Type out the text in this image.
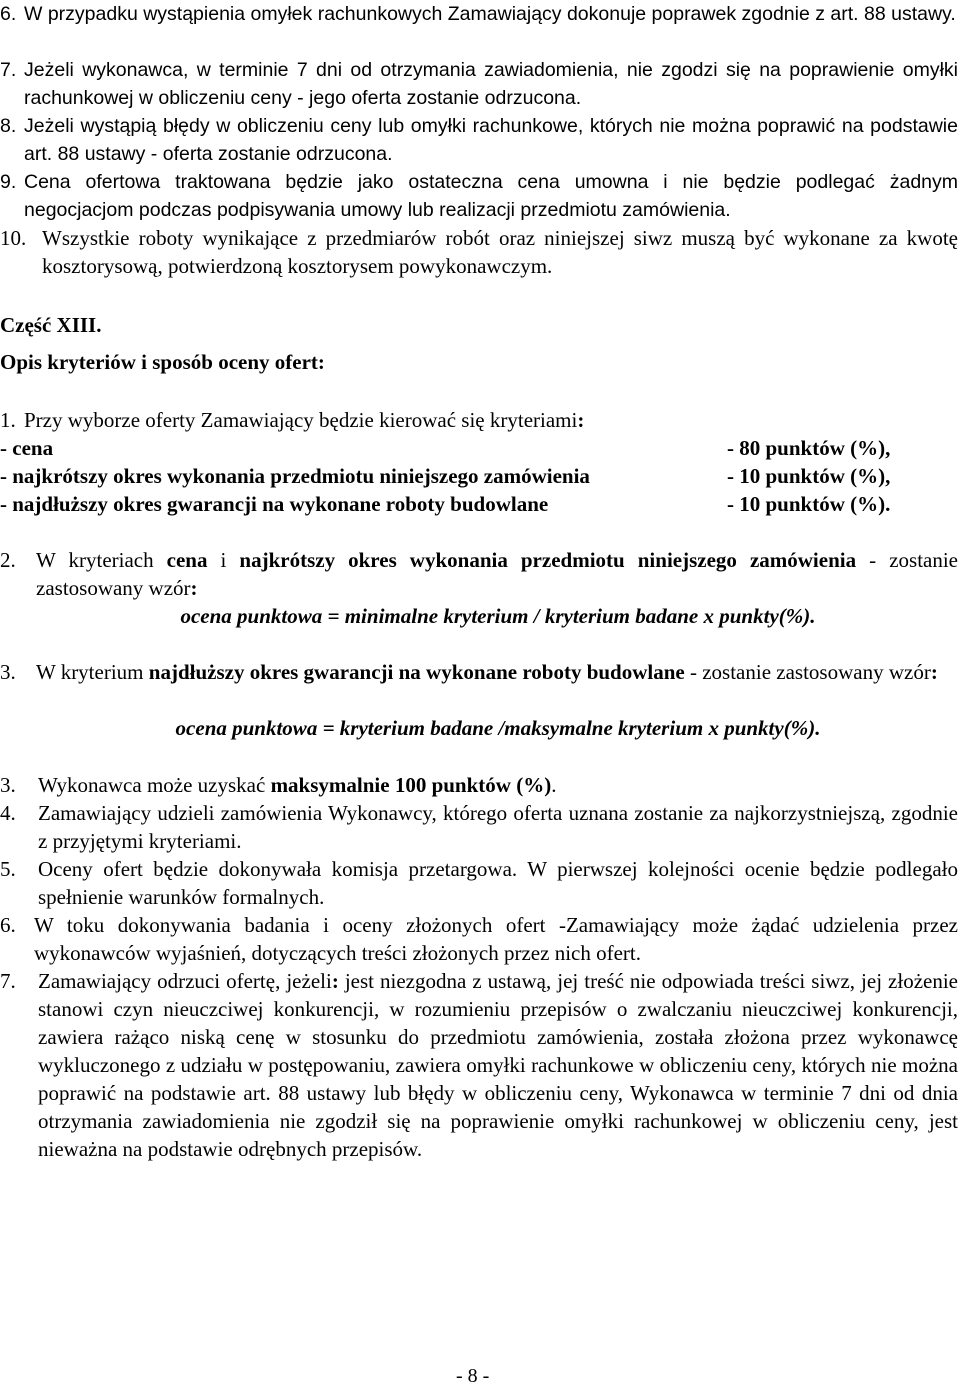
6. W przypadku wystąpienia omyłek rachunkowych Zamawiający dokonuje poprawek zgodnie z art. 88 ustawy.

7. Jeżeli wykonawca, w terminie 7 dni od otrzymania zawiadomienia, nie zgodzi się na poprawienie omyłki rachunkowej w obliczeniu ceny - jego oferta zostanie odrzucona.

8. Jeżeli wystąpią błędy w obliczeniu ceny lub omyłki rachunkowe, których nie można poprawić na podstawie art. 88 ustawy - oferta zostanie odrzucona.

9. Cena ofertowa traktowana będzie jako ostateczna cena umowna i nie będzie podlegać żadnym negocjacjom podczas podpisywania umowy lub realizacji przedmiotu zamówienia.

10. Wszystkie roboty wynikające z przedmiarów robót oraz niniejszej siwz muszą być wykonane za kwotę kosztorysową, potwierdzoną kosztorysem powykonawczym.

Część XIII.

Opis kryteriów i sposób oceny ofert:

1. Przy wyborze oferty Zamawiający będzie kierować się kryteriami:

- cena	- 80 punktów (%),
- najkrótszy okres wykonania przedmiotu niniejszego zamówienia	- 10 punktów (%),
- najdłuższy okres gwarancji na wykonane roboty budowlane	- 10 punktów (%).
2. W kryteriach cena i najkrótszy okres wykonania przedmiotu niniejszego zamówienia - zostanie zastosowany wzór:

ocena punktowa = minimalne kryterium / kryterium badane x punkty(%).

3. W kryterium najdłuższy okres gwarancji na wykonane roboty budowlane - zostanie zastosowany wzór:

ocena punktowa = kryterium badane /maksymalne kryterium x punkty(%).

3.	Wykonawca może uzyskać maksymalnie 100 punktów (%).

4.	Zamawiający udzieli zamówienia Wykonawcy, którego oferta uznana zostanie za najkorzystniejszą, zgodnie z przyjętymi kryteriami.

5.	Oceny ofert będzie dokonywała komisja przetargowa. W pierwszej kolejności ocenie będzie podlegało spełnienie warunków formalnych.

6. W toku dokonywania badania i oceny złożonych ofert -Zamawiający może żądać udzielenia przez wykonawców wyjaśnień, dotyczących treści złożonych przez nich ofert.

7.	Zamawiający odrzuci ofertę, jeżeli: jest niezgodna z ustawą, jej treść nie odpowiada treści siwz, jej złożenie stanowi czyn nieuczciwej konkurencji, w rozumieniu przepisów o zwalczaniu nieuczciwej konkurencji, zawiera rażąco niską cenę w stosunku do przedmiotu zamówienia, została złożona przez wykonawcę wykluczonego z udziału w postępowaniu, zawiera omyłki rachunkowe w obliczeniu ceny, których nie można poprawić na podstawie art. 88 ustawy lub błędy w obliczeniu ceny, Wykonawca w terminie 7 dni od dnia otrzymania zawiadomienia nie zgodził się na poprawienie omyłki rachunkowej w obliczeniu ceny, jest nieważna na podstawie odrębnych przepisów.

- 8 -
